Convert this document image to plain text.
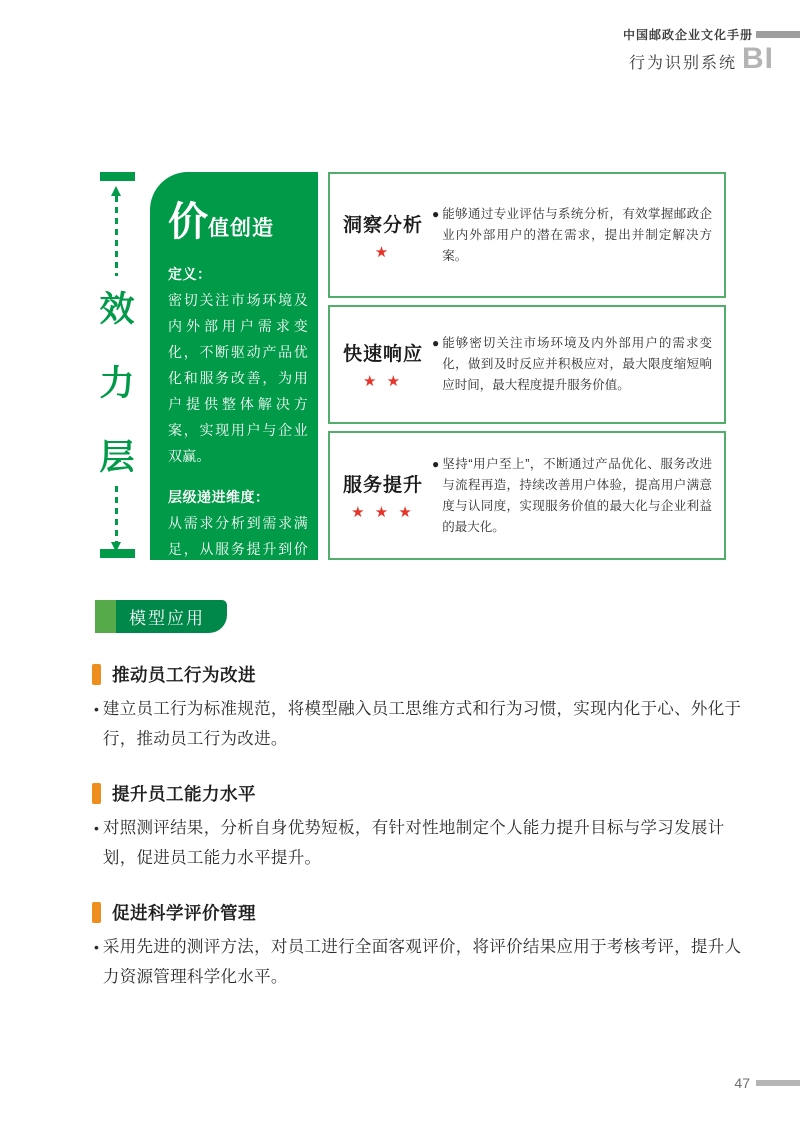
中国邮政企业文化手册
行为识别系统 BI
效
力
层
价 值创造
定义：
密切关注市场环境及内外部用户需求变化，不断驱动产品优化和服务改善，为用户提供整体解决方案，实现用户与企业双赢。
层级递进维度：
从需求分析到需求满足，从服务提升到价值创造。
洞察分析
★
● 能够通过专业评估与系统分析，有效掌握邮政企业内外部用户的潜在需求，提出并制定解决方案。
快速响应
★ ★
● 能够密切关注市场环境及内外部用户的需求变化，做到及时反应并积极应对，最大限度缩短响应时间，最大程度提升服务价值。
服务提升
★ ★ ★
● 坚持“用户至上”，不断通过产品优化、服务改进与流程再造，持续改善用户体验，提高用户满意度与认同度，实现服务价值的最大化与企业利益的最大化。
模型应用
推动员工行为改进
• 建立员工行为标准规范，将模型融入员工思维方式和行为习惯，实现内化于心、外化于行，推动员工行为改进。
提升员工能力水平
• 对照测评结果，分析自身优势短板，有针对性地制定个人能力提升目标与学习发展计划，促进员工能力水平提升。
促进科学评价管理
• 采用先进的测评方法，对员工进行全面客观评价，将评价结果应用于考核考评，提升人力资源管理科学化水平。
47
